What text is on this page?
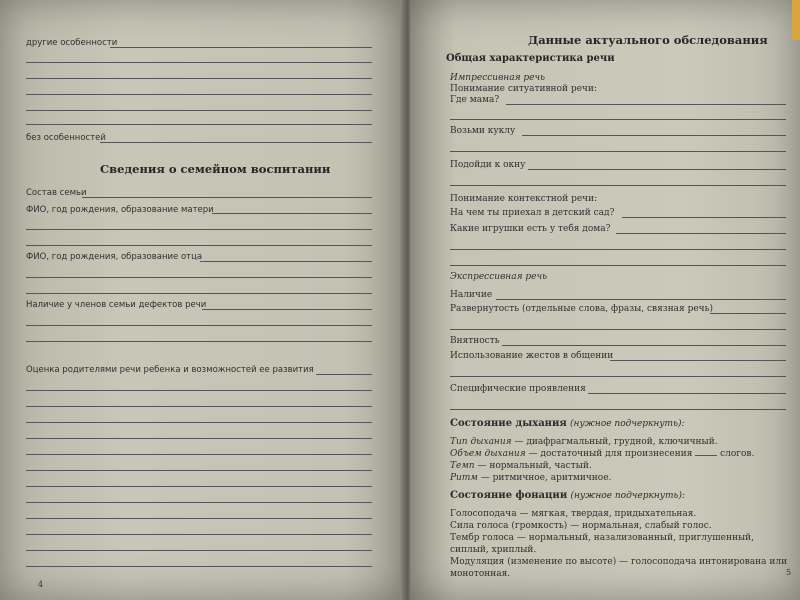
другие особенности
без особенностей
Сведения о семейном воспитании
Состав семьи
ФИО, год рождения, образование матери
ФИО, год рождения, образование отца
Наличие у членов семьи дефектов речи
Оценка родителями речи ребенка и возможностей ее развития
4
Данные актуального обследования
Общая характеристика речи
Импрессивная речь
Понимание ситуативной речи:
Где мама?
Возьми куклу
Подойди к окну
Понимание контекстной речи:
На чем ты приехал в детский сад?
Какие игрушки есть у тебя дома?
Экспрессивная речь
Наличие
Развернутость (отдельные слова, фразы, связная речь)
Внятность
Использование жестов в общении
Специфические проявления
Состояние дыхания (нужное подчеркнуть):
Тип дыхания — диафрагмальный, грудной, ключичный.
Объем дыхания — достаточный для произнесения	слогов.
Темп — нормальный, частый.
Ритм — ритмичное, аритмичное.
Состояние фонации (нужное подчеркнуть):
Голосоподача — мягкая, твердая, придыхательная.
Сила голоса (громкость) — нормальная, слабый голос.
Тембр голоса — нормальный, назализованный, приглушенный, сиплый, хриплый.
Модуляция (изменение по высоте) — голосоподача интонирована или монотонная.	5
